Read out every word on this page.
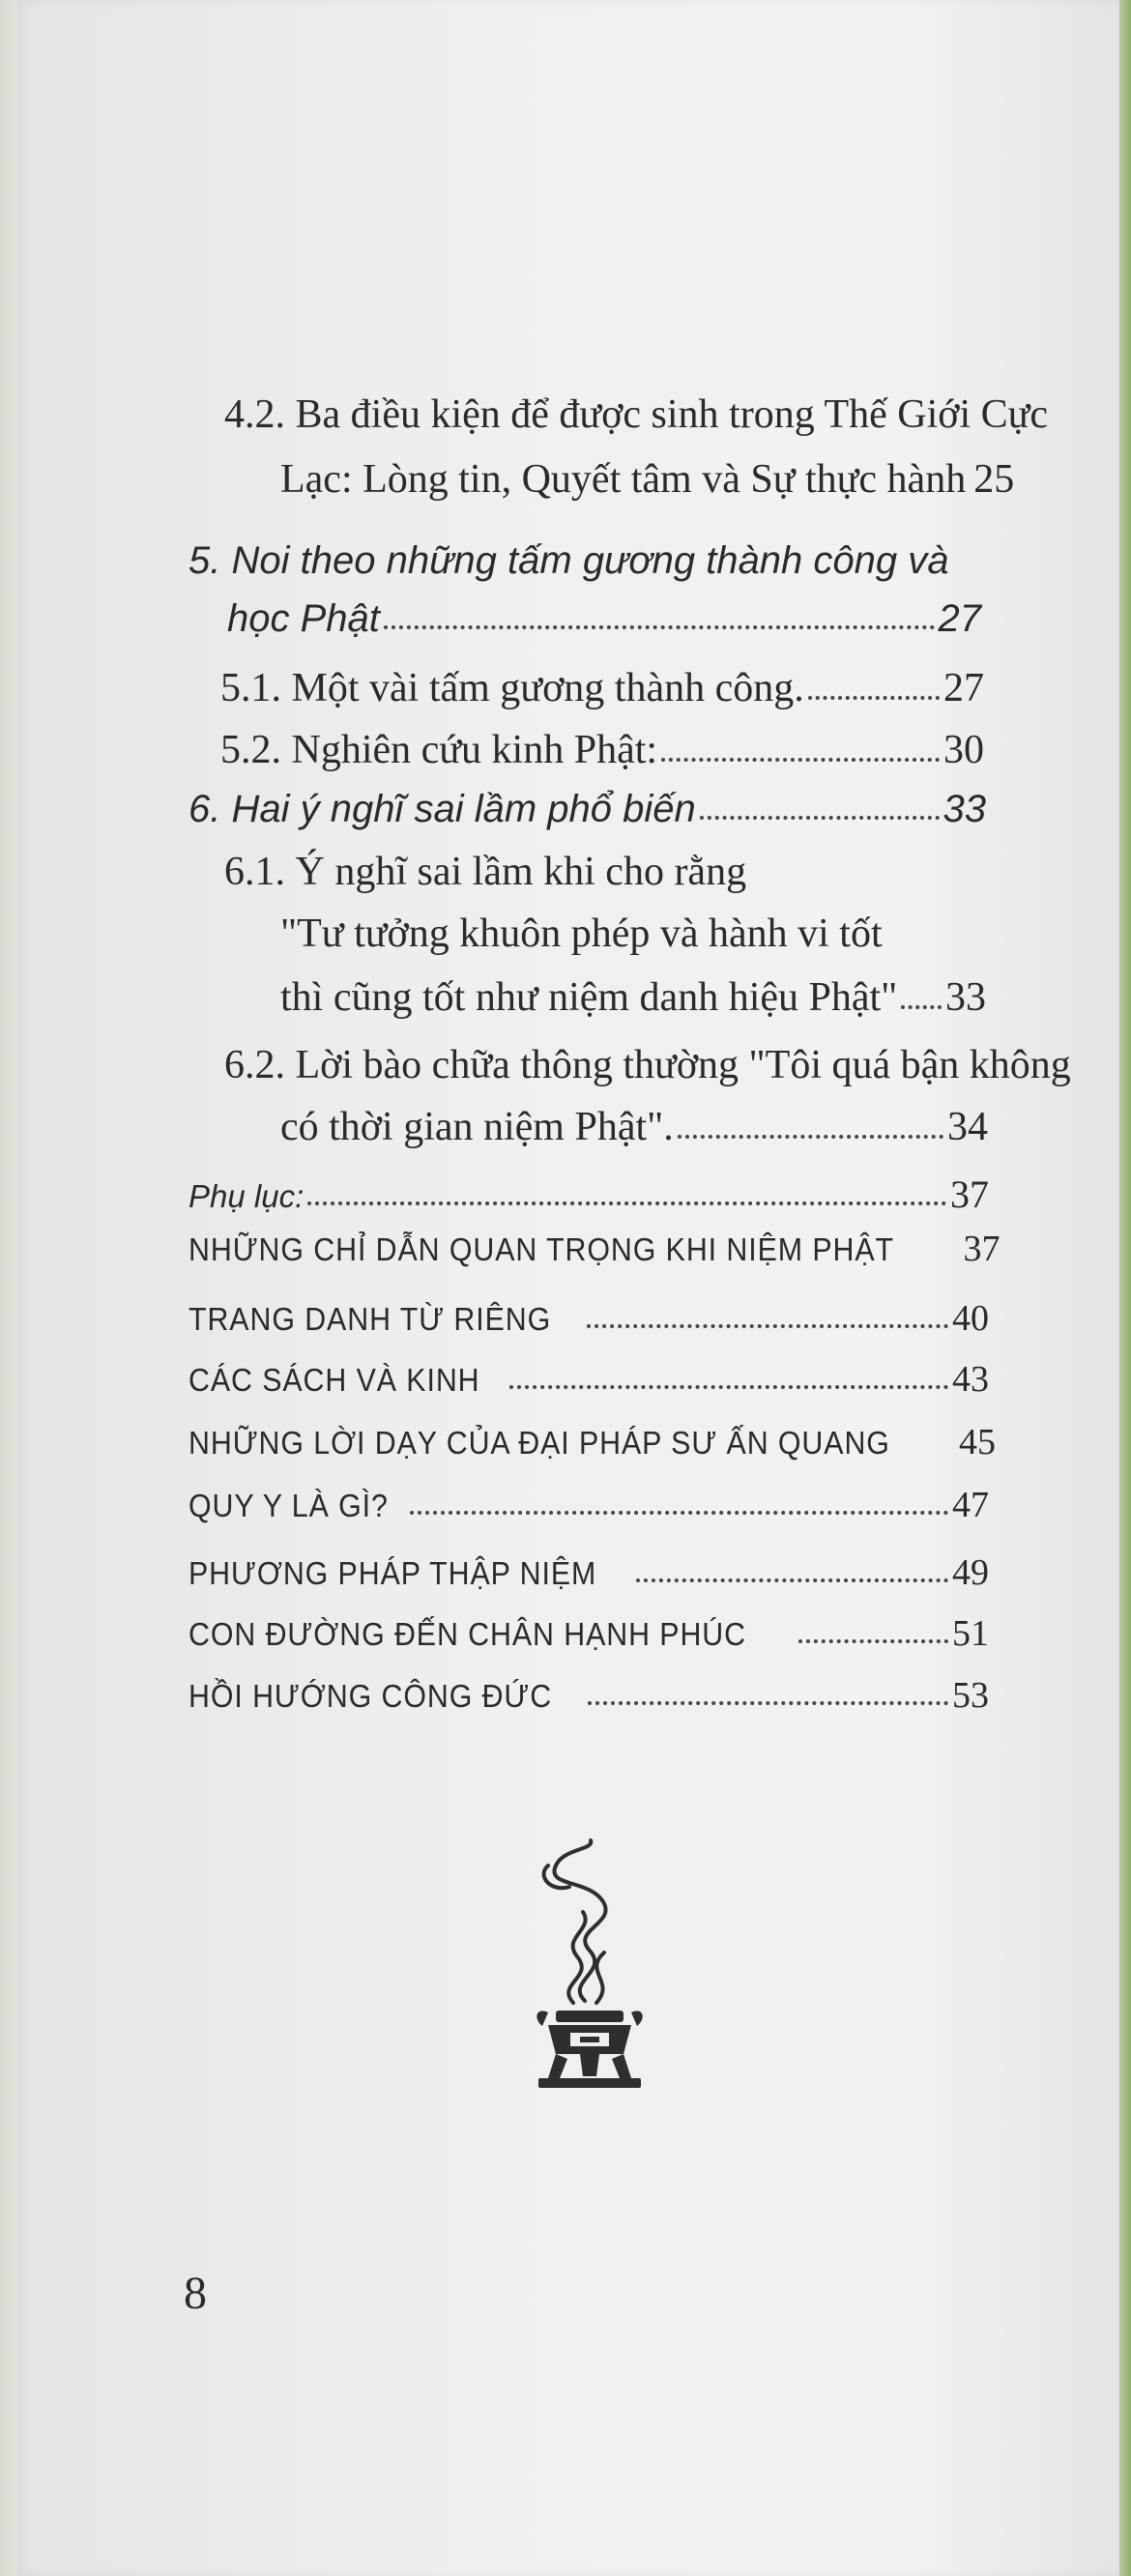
4.2. Ba điều kiện để được sinh trong Thế Giới Cực
Lạc: Lòng tin, Quyết tâm và Sự thực hành 25
5. Noi theo những tấm gương thành công và
học Phật	27
5.1. Một vài tấm gương thành công.	27
5.2. Nghiên cứu kinh Phật:	30
6. Hai ý nghĩ sai lầm phổ biến	33
6.1. Ý nghĩ sai lầm khi cho rằng
"Tư tưởng khuôn phép và hành vi tốt
thì cũng tốt như niệm danh hiệu Phật" 33
6.2. Lời bào chữa thông thường "Tôi quá bận không
có thời gian niệm Phật".	34
Phụ lục:	37
NHỮNG CHỈ DẪN QUAN TRỌNG KHI NIỆM PHẬT 37
TRANG DANH TỪ RIÊNG	40
CÁC SÁCH VÀ KINH	43
NHỮNG LỜI DẠY CỦA ĐẠI PHÁP SƯ ẤN QUANG 45
QUY Y LÀ GÌ?	47
PHƯƠNG PHÁP THẬP NIỆM	49
CON ĐƯỜNG ĐẾN CHÂN HẠNH PHÚC	51
HỒI HƯỚNG CÔNG ĐỨC	53
8
